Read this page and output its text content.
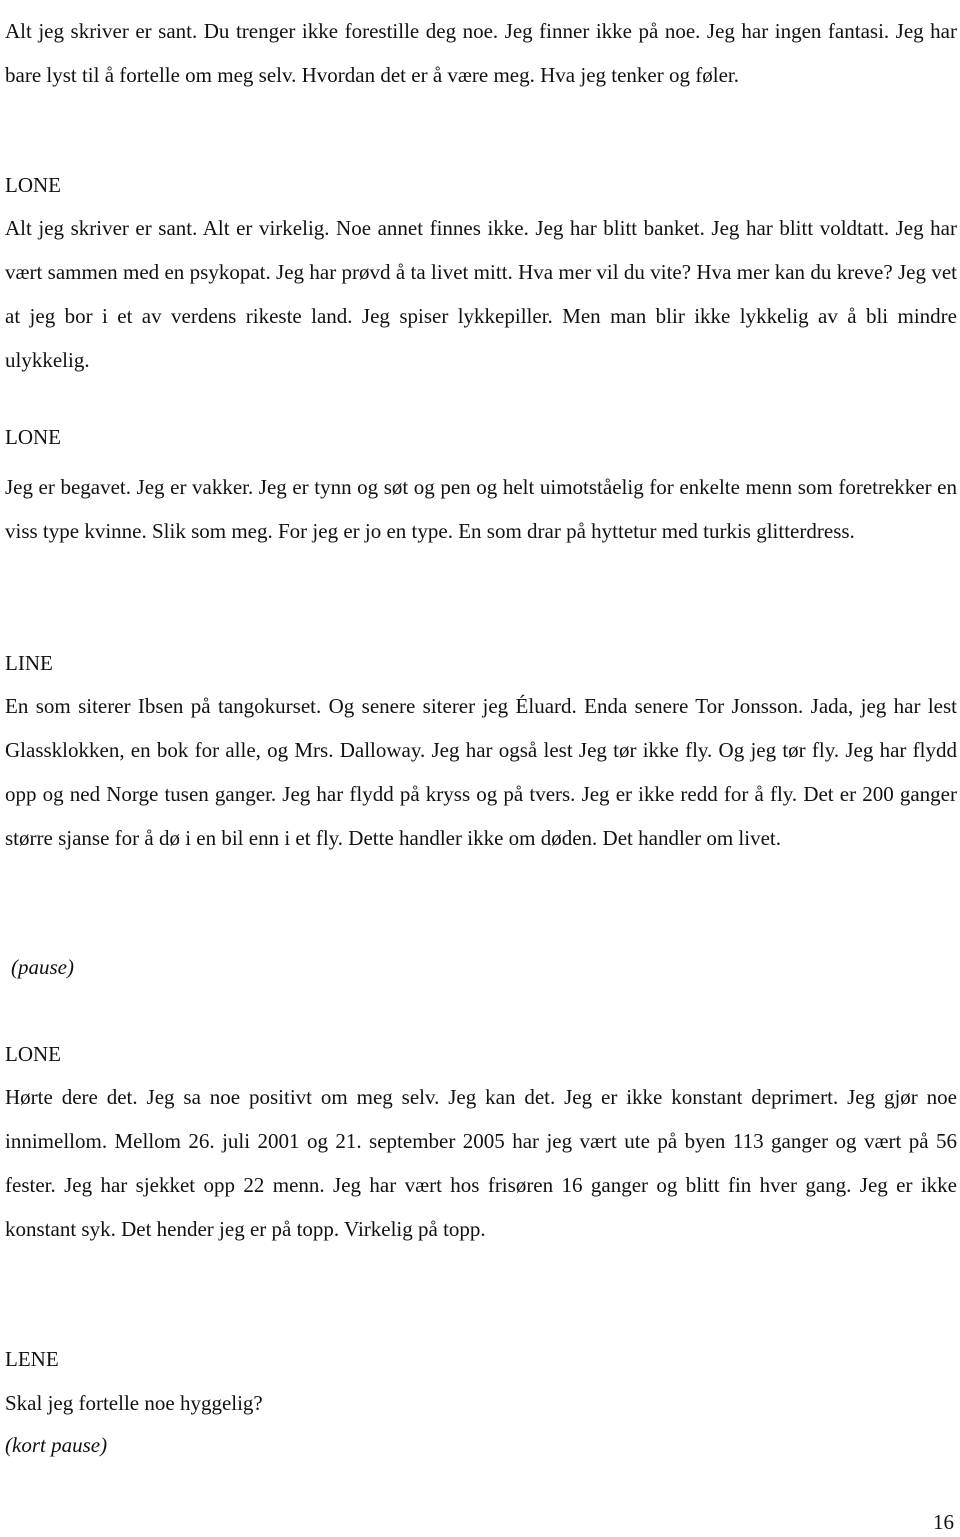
Alt jeg skriver er sant. Du trenger ikke forestille deg noe. Jeg finner ikke på noe. Jeg har ingen fantasi. Jeg har bare lyst til å fortelle om meg selv. Hvordan det er å være meg. Hva jeg tenker og føler.

LONE

Alt jeg skriver er sant. Alt er virkelig. Noe annet finnes ikke. Jeg har blitt banket. Jeg har blitt voldtatt. Jeg har vært sammen med en psykopat. Jeg har prøvd å ta livet mitt. Hva mer vil du vite? Hva mer kan du kreve? Jeg vet at jeg bor i et av verdens rikeste land. Jeg spiser lykkepiller. Men man blir ikke lykkelig av å bli mindre ulykkelig.

LONE

Jeg er begavet. Jeg er vakker. Jeg er tynn og søt og pen og helt uimotståelig for enkelte menn som foretrekker en viss type kvinne. Slik som meg. For jeg er jo en type. En som drar på hyttetur med turkis glitterdress.

LINE

En som siterer Ibsen på tangokurset. Og senere siterer jeg Éluard. Enda senere Tor Jonsson. Jada, jeg har lest Glassklokken, en bok for alle, og Mrs. Dalloway. Jeg har også lest Jeg tør ikke fly. Og jeg tør fly. Jeg har flydd opp og ned Norge tusen ganger. Jeg har flydd på kryss og på tvers. Jeg er ikke redd for å fly. Det er 200 ganger større sjanse for å dø i en bil enn i et fly. Dette handler ikke om døden. Det handler om livet.

(pause)

LONE

Hørte dere det. Jeg sa noe positivt om meg selv. Jeg kan det. Jeg er ikke konstant deprimert. Jeg gjør noe innimellom. Mellom 26. juli 2001 og 21. september 2005 har jeg vært ute på byen 113 ganger og vært på 56 fester. Jeg har sjekket opp 22 menn. Jeg har vært hos frisøren 16 ganger og blitt fin hver gang. Jeg er ikke konstant syk. Det hender jeg er på topp. Virkelig på topp.

LENE

Skal jeg fortelle noe hyggelig?

(kort pause)

16
